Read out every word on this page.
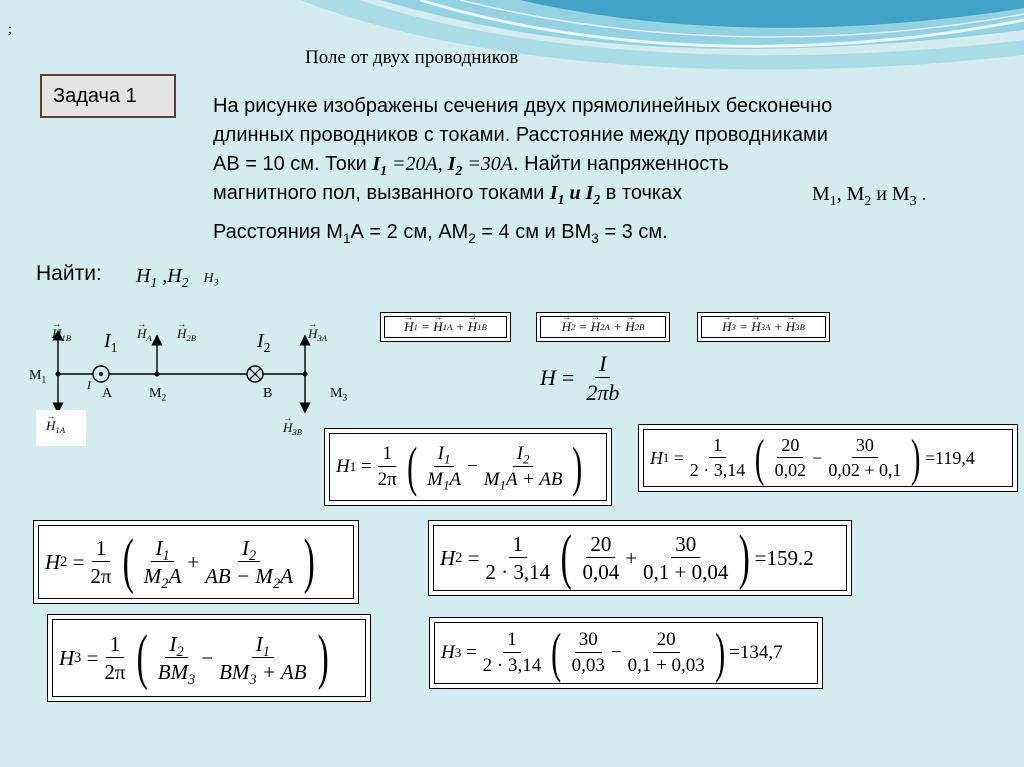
;
Поле от двух проводников
Задача 1	На рисунке изображены сечения двух прямолинейных бесконечно
длинных проводников с токами. Расстояние между проводниками
АВ = 10 см. Токи $I_1 =20А$, $I_2 =30А$. Найти напряженность
магнитного пол, вызванного токами $I_1$ и $I_2$ в точках
Расстояния $М_1А = 2$ см, $АМ_2 = 4$ см и $ВМ_3 = 3$ см.
$М_1$, $М_2$ и $М_3$ .
Найти: $H_1$ $,H_2$ $H_3$
→ $H_{1В}$ $I_1$
→ $H_А$
→ $H_{2В}$	$I_2$
→ $H_{3А}$
$M_1$	I
A	$M_2$	B	$M_3$
→ $H_{1А}$
→	$H_{3В}$
→ H 1 =
→ H 1А +
→ H 1В
→	H 2 =
→ H 2А +
→ H 2В
→	H 3 =
→ H 3А +
→ H 3В
$H = \frac{I}{2\pi b}$
H $1 = \frac{1}{2\pi}$ ( $\frac{I_1}{M_1A} - \frac{I_2}{M_1A + AB}$ )	H $1 = \frac{1}{2 \cdot 3,14}$ ( $\frac{20}{0,02} - \frac{30}{0,02 + 0,1}$ ) =119,4
H $2 = \frac{1}{2\pi}$ ( $\frac{I_1}{M_2A} + \frac{I_2}{AB - M_2A}$ )	H $2 = \frac{1}{2 \cdot 3,14}$ ( $\frac{20}{0,04} + \frac{30}{0,1 + 0,04}$ ) =159.2
H $3 = \frac{1}{2\pi}$ ( $\frac{I_2}{BM_3} - \frac{I_1}{BM_3 + AB}$ )	H $3 = \frac{1}{2 \cdot 3,14}$ ( $\frac{30}{0,03} - \frac{20}{0,1 + 0,03}$ ) =134,7
